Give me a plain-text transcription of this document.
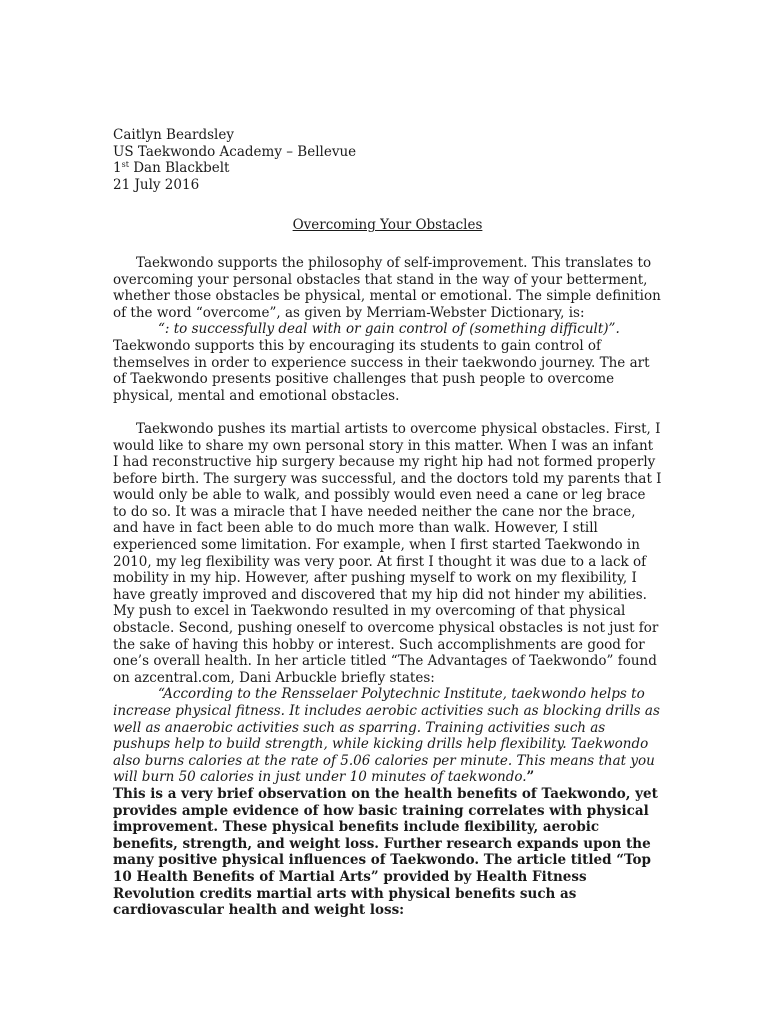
Caitlyn Beardsley

US Taekwondo Academy – Bellevue

1st Dan Blackbelt

21 July 2016

Overcoming Your Obstacles

Taekwondo supports the philosophy of self-improvement. This translates to overcoming your personal obstacles that stand in the way of your betterment, whether those obstacles be physical, mental or emotional. The simple definition of the word “overcome”, as given by Merriam-Webster Dictionary, is:

“: to successfully deal with or gain control of (something difficult)”.

Taekwondo supports this by encouraging its students to gain control of themselves in order to experience success in their taekwondo journey. The art of Taekwondo presents positive challenges that push people to overcome physical, mental and emotional obstacles.

Taekwondo pushes its martial artists to overcome physical obstacles. First, I would like to share my own personal story in this matter. When I was an infant I had reconstructive hip surgery because my right hip had not formed properly before birth. The surgery was successful, and the doctors told my parents that I would only be able to walk, and possibly would even need a cane or leg brace to do so. It was a miracle that I have needed neither the cane nor the brace, and have in fact been able to do much more than walk. However, I still experienced some limitation. For example, when I first started Taekwondo in 2010, my leg flexibility was very poor. At first I thought it was due to a lack of mobility in my hip. However, after pushing myself to work on my flexibility, I have greatly improved and discovered that my hip did not hinder my abilities. My push to excel in Taekwondo resulted in my overcoming of that physical obstacle. Second, pushing oneself to overcome physical obstacles is not just for the sake of having this hobby or interest. Such accomplishments are good for one’s overall health. In her article titled “The Advantages of Taekwondo” found on azcentral.com, Dani Arbuckle briefly states:

“According to the Rensselaer Polytechnic Institute, taekwondo helps to increase physical fitness. It includes aerobic activities such as blocking drills as well as anaerobic activities such as sparring. Training activities such as pushups help to build strength, while kicking drills help flexibility. Taekwondo also burns calories at the rate of 5.06 calories per minute. This means that you will burn 50 calories in just under 10 minutes of taekwondo.”

This is a very brief observation on the health benefits of Taekwondo, yet provides ample evidence of how basic training correlates with physical improvement. These physical benefits include flexibility, aerobic benefits, strength, and weight loss. Further research expands upon the many positive physical influences of Taekwondo. The article titled “Top 10 Health Benefits of Martial Arts” provided by Health Fitness Revolution credits martial arts with physical benefits such as cardiovascular health and weight loss:
